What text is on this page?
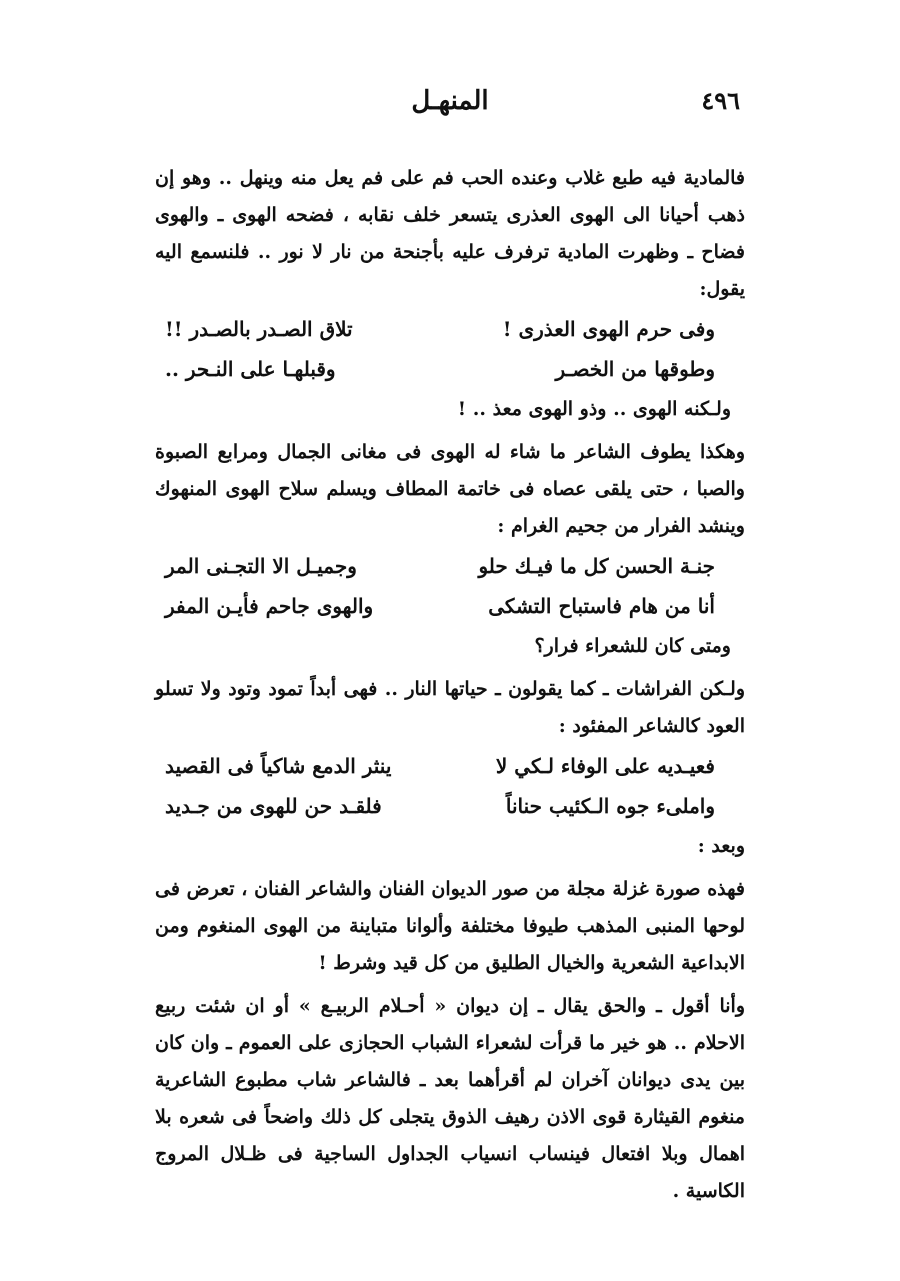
٤٩٦
المنهـل

فالمادية فيه طبع غلاب وعنده الحب فم على فم يعل منه وينهل .. وهو إن ذهب أحيانا الى الهوى العذرى يتسعر خلف نقابه ، فضحه الهوى ـ والهوى فضاح ـ وظهرت المادية ترفرف عليه بأجنحة من نار لا نور .. فلنسمع اليه يقول:

وفى حرم الهوى العذرى !
تلاق الصـدر بالصـدر !!
وطوقها من الخصـر
وقبلهـا على النـحر ..

ولـكنه الهوى .. وذو الهوى معذ .. !

وهكذا يطوف الشاعر ما شاء له الهوى فى مغانى الجمال ومرابع الصبوة والصبا ، حتى يلقى عصاه فى خاتمة المطاف ويسلم سلاح الهوى المنهوك وينشد الفرار من جحيم الغرام :

جنـة الحسن كل ما فيـك حلو
وجميـل الا التجـنى المر
أنا من هام فاستباح التشكى
والهوى جاحم فأيـن المفر

ومتى كان للشعراء فرار؟

ولـكن الفراشات ـ كما يقولون ـ حياتها النار .. فهى أبداً تمود وتود ولا تسلو العود كالشاعر المفئود :

فعيـديه على الوفاء لـكي لا
ينثر الدمع شاكياً فى القصيد
واملىء جوه الـكئيب حناناً
فلقـد حن للهوى من جـديد

وبعد :

فهذه صورة غزلة مجلة من صور الديوان الفنان والشاعر الفنان ، تعرض فى لوحها المنبى المذهب طيوفا مختلفة وألوانا متباينة من الهوى المنغوم ومن الابداعية الشعرية والخيال الطليق من كل قيد وشرط !

وأنا أقول ـ والحق يقال ـ إن ديوان « أحـلام الربيـع » أو ان شئت ربيع الاحلام .. هو خير ما قرأت لشعراء الشباب الحجازى على العموم ـ وان كان بين يدى ديوانان آخران لم أقرأهما بعد ـ فالشاعر شاب مطبوع الشاعرية منغوم القيثارة قوى الاذن رهيف الذوق يتجلى كل ذلك واضحاً فى شعره بلا اهمال وبلا افتعال فينساب انسياب الجداول الساجية فى ظـلال المروج الكاسية .
